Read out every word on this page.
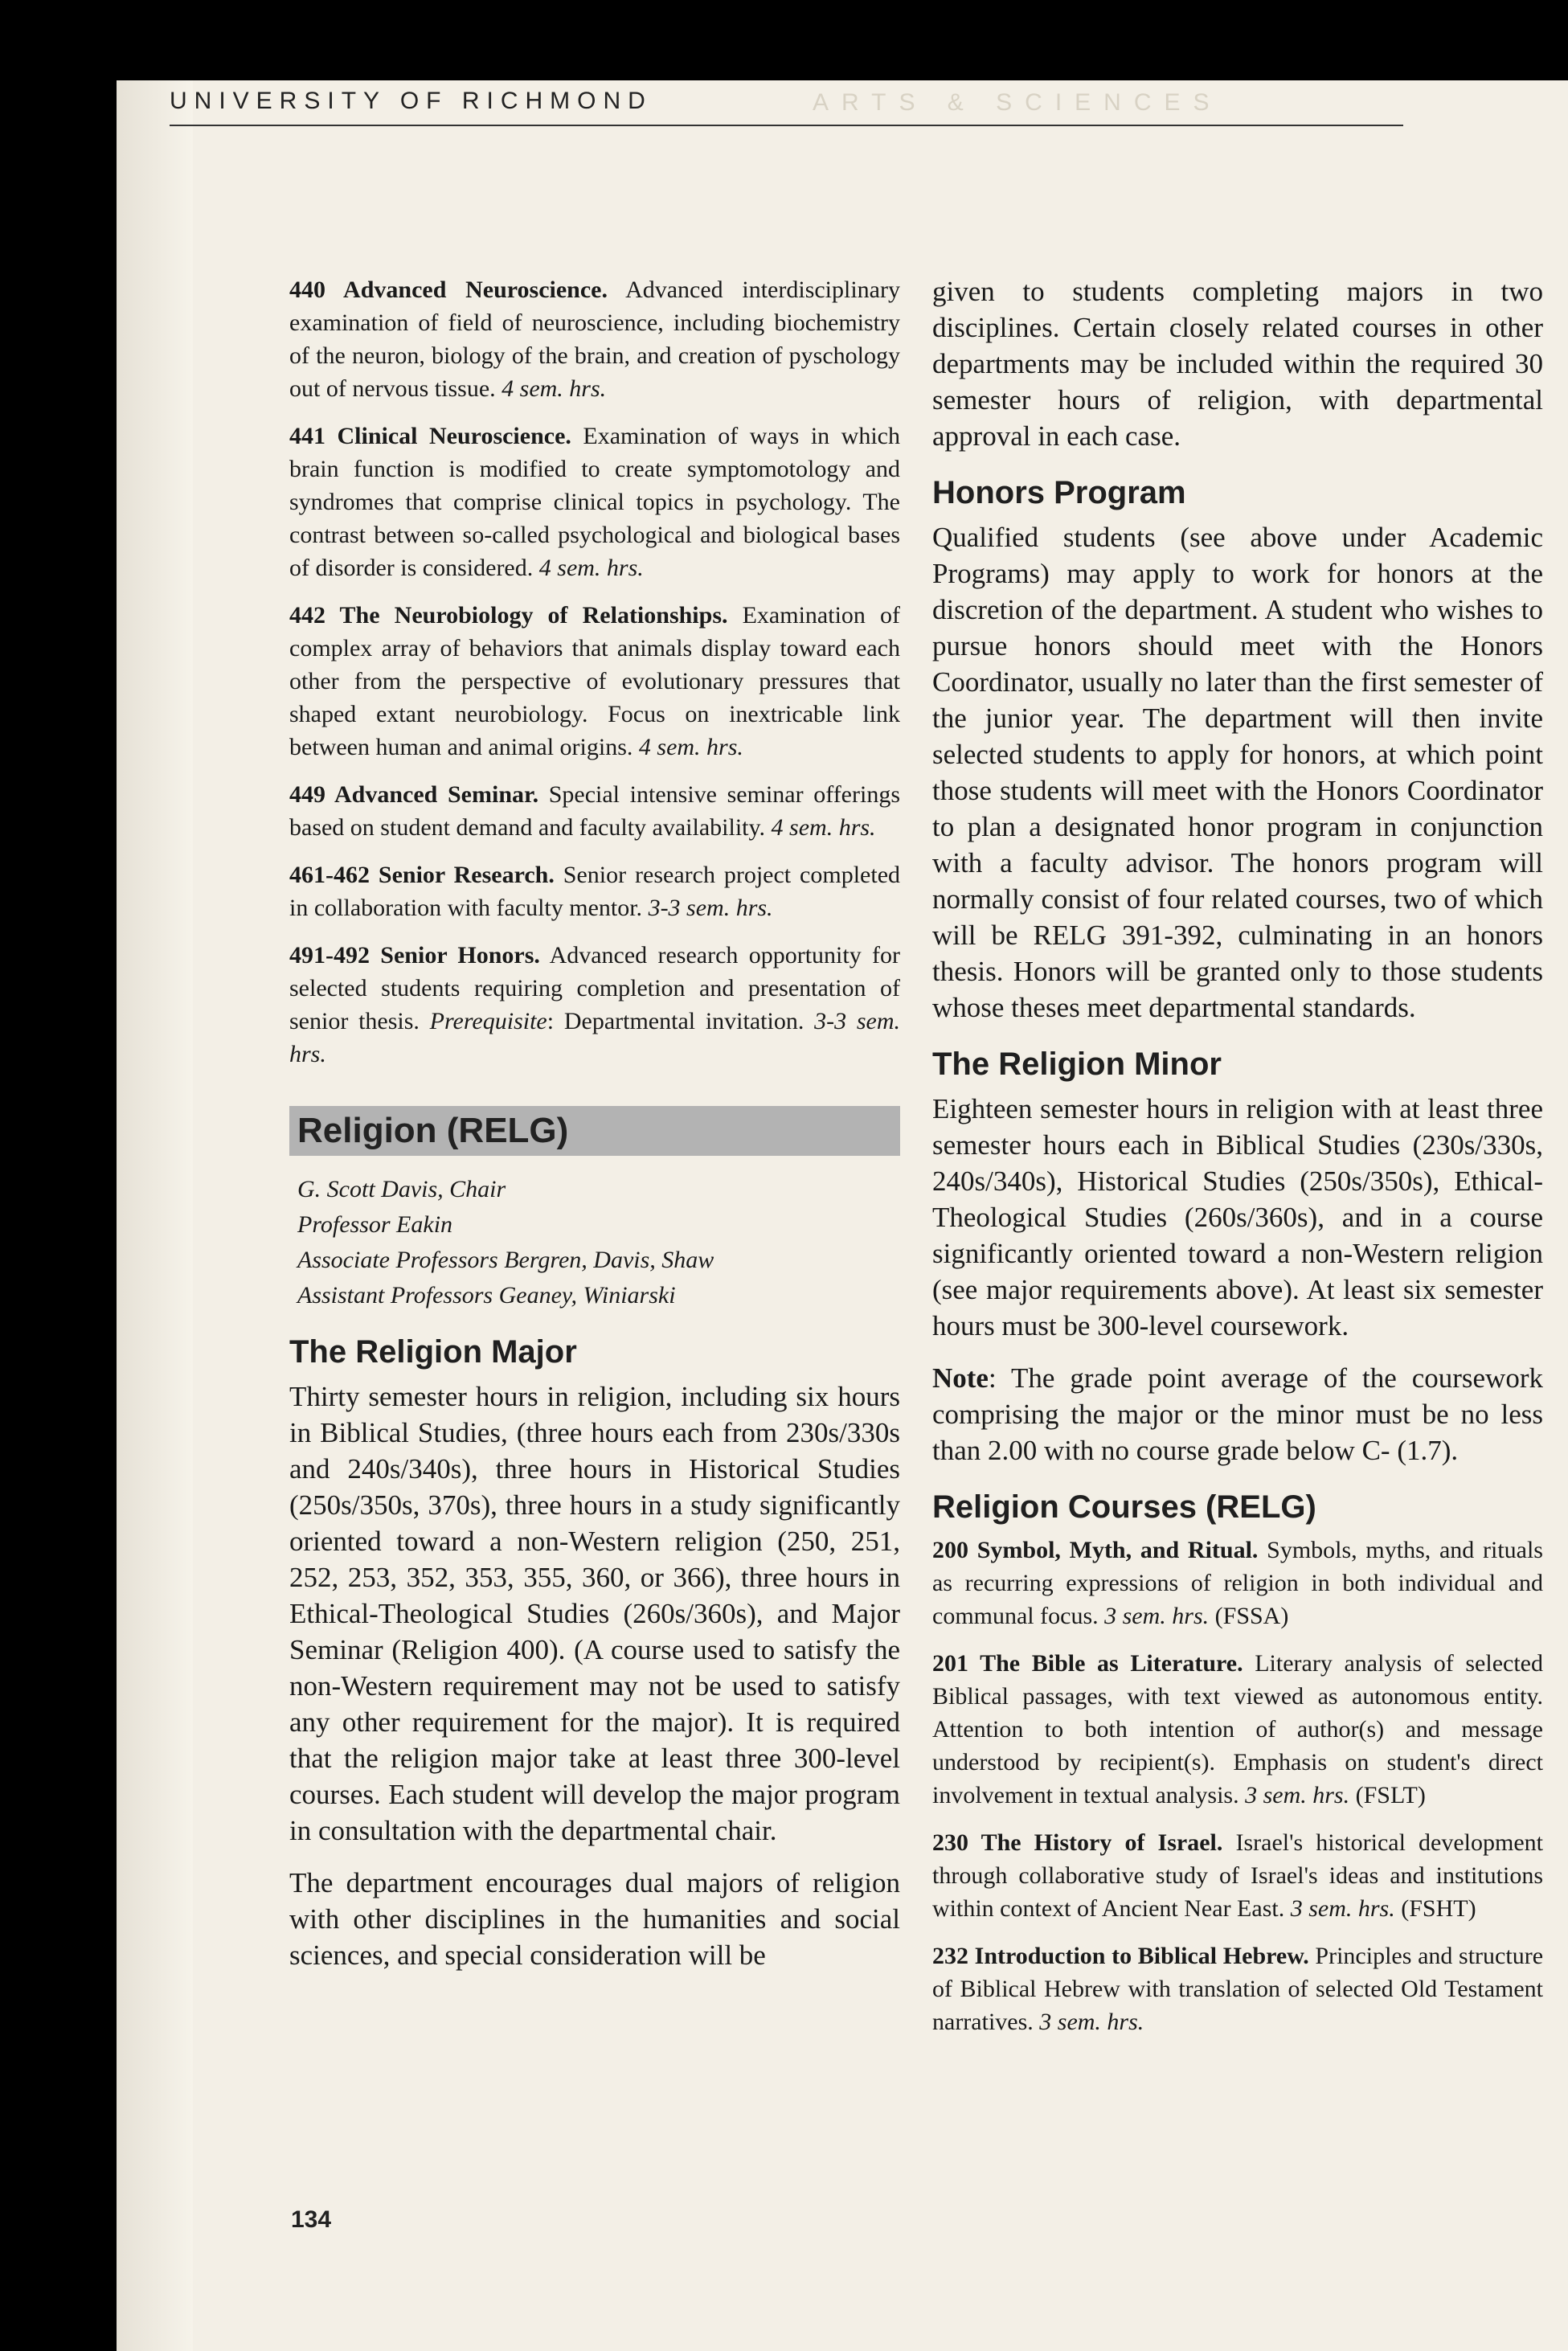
UNIVERSITY OF RICHMOND	ARTS & SCIENCES

440 Advanced Neuroscience. Advanced interdisciplinary examination of field of neuroscience, including biochemistry of the neuron, biology of the brain, and creation of pyschology out of nervous tissue. 4 sem. hrs.

441 Clinical Neuroscience. Examination of ways in which brain function is modified to create symptomotology and syndromes that comprise clinical topics in psychology. The contrast between so-called psychological and biological bases of disorder is considered. 4 sem. hrs.

442 The Neurobiology of Relationships. Examination of complex array of behaviors that animals display toward each other from the perspective of evolutionary pressures that shaped extant neurobiology. Focus on inextricable link between human and animal origins. 4 sem. hrs.

449 Advanced Seminar. Special intensive seminar offerings based on student demand and faculty availability. 4 sem. hrs.

461-462 Senior Research. Senior research project completed in collaboration with faculty mentor. 3-3 sem. hrs.

491-492 Senior Honors. Advanced research opportunity for selected students requiring completion and presentation of senior thesis. Prerequisite: Departmental invitation. 3-3 sem. hrs.

Religion (RELG)
G. Scott Davis, Chair
Professor Eakin
Associate Professors Bergren, Davis, Shaw
Assistant Professors Geaney, Winiarski
The Religion Major

Thirty semester hours in religion, including six hours in Biblical Studies, (three hours each from 230s/330s and 240s/340s), three hours in Historical Studies (250s/350s, 370s), three hours in a study significantly oriented toward a non-Western religion (250, 251, 252, 253, 352, 353, 355, 360, or 366), three hours in Ethical-Theological Studies (260s/360s), and Major Seminar (Religion 400). (A course used to satisfy the non-Western requirement may not be used to satisfy any other requirement for the major). It is required that the religion major take at least three 300-level courses. Each student will develop the major program in consultation with the departmental chair.

The department encourages dual majors of religion with other disciplines in the humanities and social sciences, and special consideration will be

given to students completing majors in two disciplines. Certain closely related courses in other departments may be included within the required 30 semester hours of religion, with departmental approval in each case.

Honors Program

Qualified students (see above under Academic Programs) may apply to work for honors at the discretion of the department. A student who wishes to pursue honors should meet with the Honors Coordinator, usually no later than the first semester of the junior year. The department will then invite selected students to apply for honors, at which point those students will meet with the Honors Coordinator to plan a designated honor program in conjunction with a faculty advisor. The honors program will normally consist of four related courses, two of which will be RELG 391-392, culminating in an honors thesis. Honors will be granted only to those students whose theses meet departmental standards.

The Religion Minor

Eighteen semester hours in religion with at least three semester hours each in Biblical Studies (230s/330s, 240s/340s), Historical Studies (250s/350s), Ethical-Theological Studies (260s/360s), and in a course significantly oriented toward a non-Western religion (see major requirements above). At least six semester hours must be 300-level coursework.

Note: The grade point average of the coursework comprising the major or the minor must be no less than 2.00 with no course grade below C- (1.7).

Religion Courses (RELG)

200 Symbol, Myth, and Ritual. Symbols, myths, and rituals as recurring expressions of religion in both individual and communal focus. 3 sem. hrs. (FSSA)

201 The Bible as Literature. Literary analysis of selected Biblical passages, with text viewed as autonomous entity. Attention to both intention of author(s) and message understood by recipient(s). Emphasis on student's direct involvement in textual analysis. 3 sem. hrs. (FSLT)

230 The History of Israel. Israel's historical development through collaborative study of Israel's ideas and institutions within context of Ancient Near East. 3 sem. hrs. (FSHT)

232 Introduction to Biblical Hebrew. Principles and structure of Biblical Hebrew with translation of selected Old Testament narratives. 3 sem. hrs.

134
